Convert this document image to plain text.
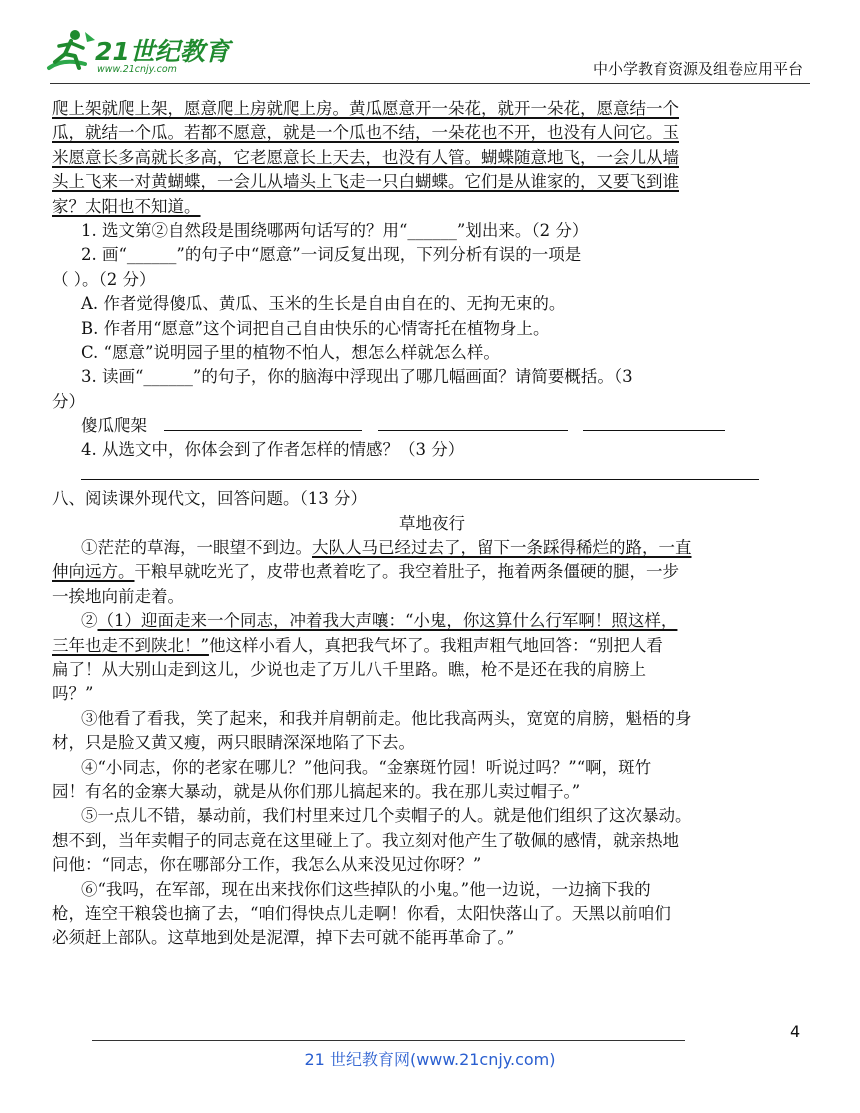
21世纪教育
www.21cnjy.com	中小学教育资源及组卷应用平台
爬上架就爬上架，愿意爬上房就爬上房。黄瓜愿意开一朵花，就开一朵花，愿意结一个
瓜，就结一个瓜。若都不愿意，就是一个瓜也不结，一朵花也不开，也没有人问它。玉
米愿意长多高就长多高，它老愿意长上天去，也没有人管。蝴蝶随意地飞，一会儿从墙
头上飞来一对黄蝴蝶，一会儿从墙头上飞走一只白蝴蝶。它们是从谁家的，又要飞到谁
家？太阳也不知道。
1. 选文第②自然段是围绕哪两句话写的？用“______”划出来。（2 分）
2. 画“______”的句子中“愿意”一词反复出现，下列分析有误的一项是
（ ）。（2 分）
A. 作者觉得傻瓜、黄瓜、玉米的生长是自由自在的、无拘无束的。
B. 作者用“愿意”这个词把自己自由快乐的心情寄托在植物身上。
C. “愿意”说明园子里的植物不怕人，想怎么样就怎么样。
3. 读画“______”的句子，你的脑海中浮现出了哪几幅画面？请简要概括。（3
分）
傻瓜爬架
4. 从选文中，你体会到了作者怎样的情感？（3 分）
八、阅读课外现代文，回答问题。（13 分）
草地夜行
①茫茫的草海，一眼望不到边。大队人马已经过去了，留下一条踩得稀烂的路，一直
伸向远方。干粮早就吃光了，皮带也煮着吃了。我空着肚子，拖着两条僵硬的腿，一步
一挨地向前走着。
②（1）迎面走来一个同志，冲着我大声嚷：“小鬼，你这算什么行军啊！照这样，
三年也走不到陕北！”他这样小看人，真把我气坏了。我粗声粗气地回答：“别把人看
扁了！从大别山走到这儿，少说也走了万儿八千里路。瞧，枪不是还在我的肩膀上
吗？”
③他看了看我，笑了起来，和我并肩朝前走。他比我高两头，宽宽的肩膀，魁梧的身
材，只是脸又黄又瘦，两只眼睛深深地陷了下去。
④“小同志，你的老家在哪儿？”他问我。“金寨斑竹园！听说过吗？”“啊，斑竹
园！有名的金寨大暴动，就是从你们那儿搞起来的。我在那儿卖过帽子。”
⑤一点儿不错，暴动前，我们村里来过几个卖帽子的人。就是他们组织了这次暴动。
想不到，当年卖帽子的同志竟在这里碰上了。我立刻对他产生了敬佩的感情，就亲热地
问他：“同志，你在哪部分工作，我怎么从来没见过你呀？”
⑥“我吗，在军部，现在出来找你们这些掉队的小鬼。”他一边说，一边摘下我的
枪，连空干粮袋也摘了去，“咱们得快点儿走啊！你看，太阳快落山了。天黑以前咱们
必须赶上部队。这草地到处是泥潭，掉下去可就不能再革命了。”
4
21 世纪教育网(www.21cnjy.com)
